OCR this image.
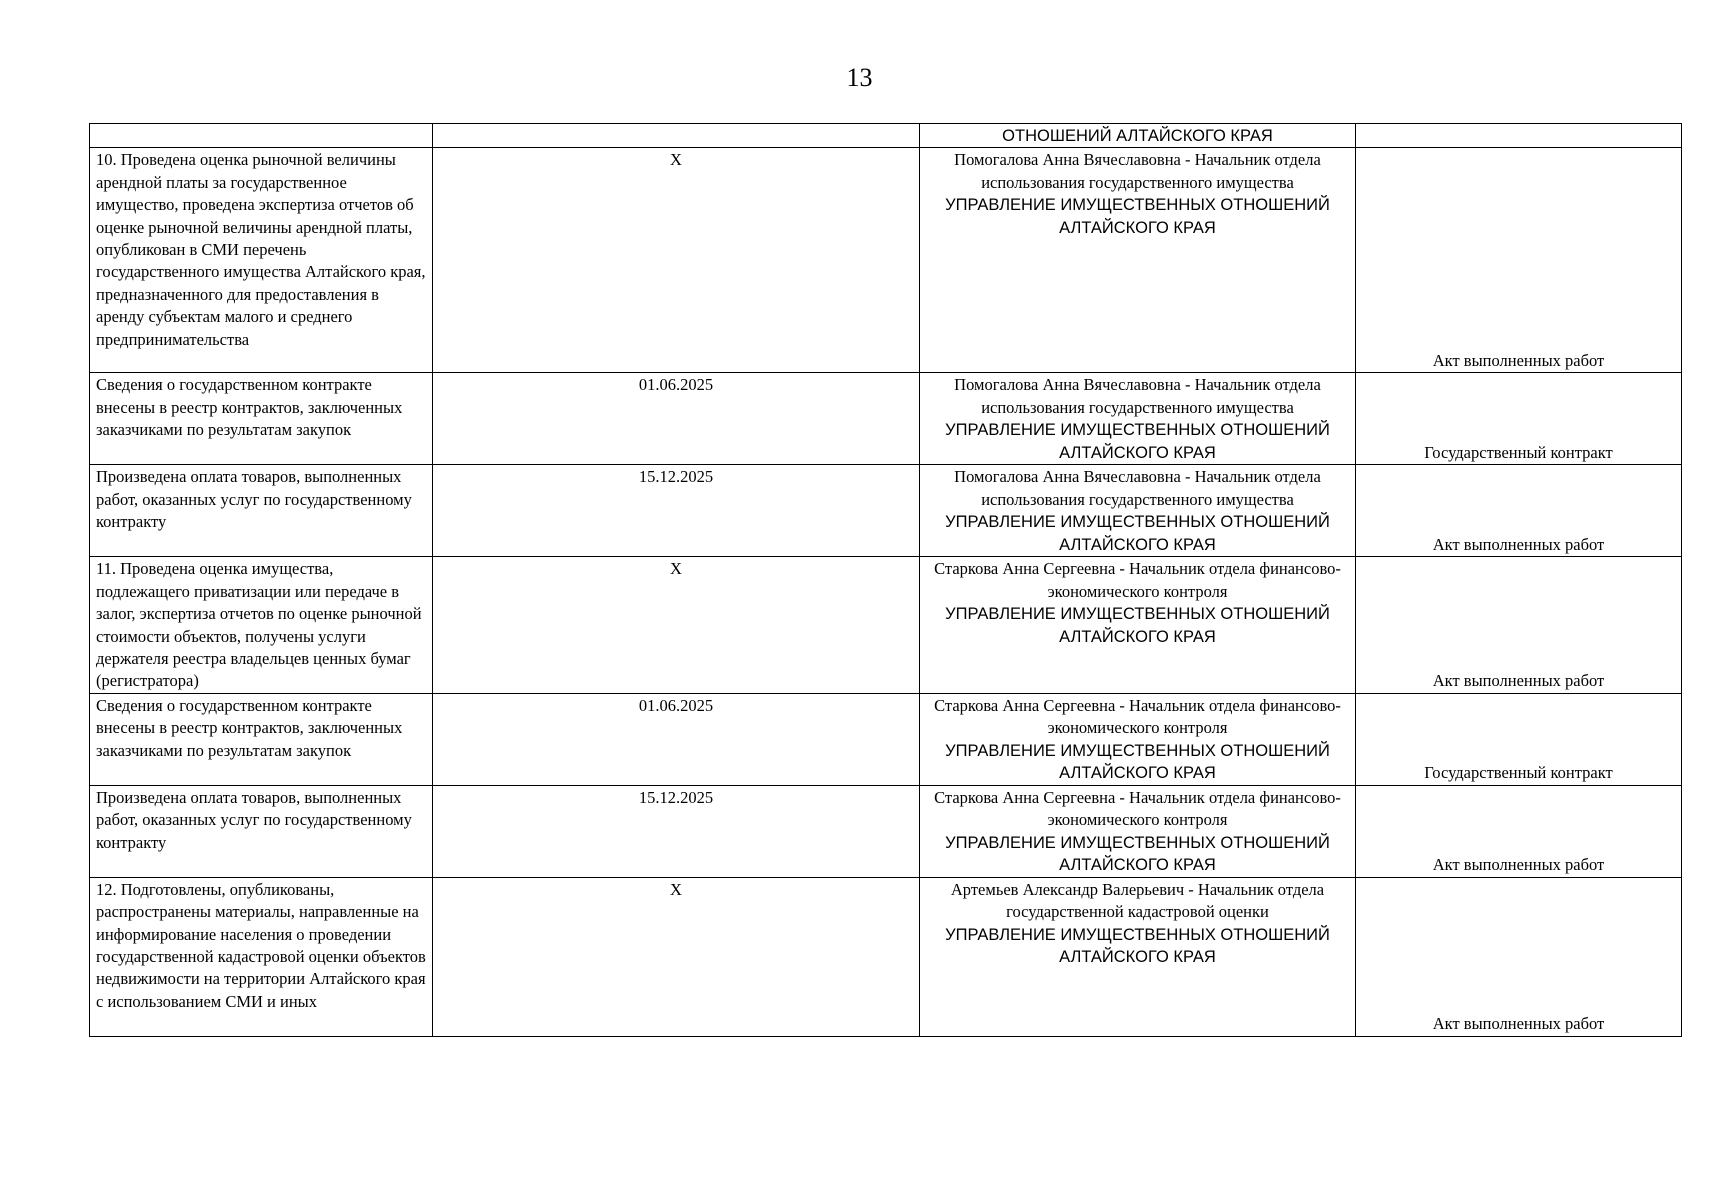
13

		ОТНОШЕНИЙ АЛТАЙСКОГО КРАЯ	

10. Проведена оценка рыночной величины арендной платы за государственное имущество, проведена экспертиза отчетов об оценке рыночной величины арендной платы, опубликован в СМИ перечень государственного имущества Алтайского края, предназначенного для предоставления в аренду субъектам малого и среднего предпринимательства	X	Помогалова Анна Вячеславовна - Начальник отдела использования государственного имущества
УПРАВЛЕНИЕ ИМУЩЕСТВЕННЫХ ОТНОШЕНИЙ АЛТАЙСКОГО КРАЯ	Акт выполненных работ
Сведения о государственном контракте внесены в реестр контрактов, заключенных заказчиками по результатам закупок	01.06.2025	Помогалова Анна Вячеславовна - Начальник отдела использования государственного имущества
УПРАВЛЕНИЕ ИМУЩЕСТВЕННЫХ ОТНОШЕНИЙ АЛТАЙСКОГО КРАЯ	Государственный контракт
Произведена оплата товаров, выполненных работ, оказанных услуг по государственному контракту	15.12.2025	Помогалова Анна Вячеславовна - Начальник отдела использования государственного имущества
УПРАВЛЕНИЕ ИМУЩЕСТВЕННЫХ ОТНОШЕНИЙ АЛТАЙСКОГО КРАЯ	Акт выполненных работ
11. Проведена оценка имущества, подлежащего приватизации или передаче в залог, экспертиза отчетов по оценке рыночной стоимости объектов, получены услуги держателя реестра владельцев ценных бумаг (регистратора)	X	Старкова Анна Сергеевна - Начальник отдела финансово-экономического контроля
УПРАВЛЕНИЕ ИМУЩЕСТВЕННЫХ ОТНОШЕНИЙ АЛТАЙСКОГО КРАЯ	Акт выполненных работ
Сведения о государственном контракте внесены в реестр контрактов, заключенных заказчиками по результатам закупок	01.06.2025	Старкова Анна Сергеевна - Начальник отдела финансово-экономического контроля
УПРАВЛЕНИЕ ИМУЩЕСТВЕННЫХ ОТНОШЕНИЙ АЛТАЙСКОГО КРАЯ	Государственный контракт
Произведена оплата товаров, выполненных работ, оказанных услуг по государственному контракту	15.12.2025	Старкова Анна Сергеевна - Начальник отдела финансово-экономического контроля
УПРАВЛЕНИЕ ИМУЩЕСТВЕННЫХ ОТНОШЕНИЙ АЛТАЙСКОГО КРАЯ	Акт выполненных работ
12. Подготовлены, опубликованы, распространены материалы, направленные на информирование населения о проведении государственной кадастровой оценки объектов недвижимости на территории Алтайского края с использованием СМИ и иных	X	Артемьев Александр Валерьевич - Начальник отдела государственной кадастровой оценки
УПРАВЛЕНИЕ ИМУЩЕСТВЕННЫХ ОТНОШЕНИЙ АЛТАЙСКОГО КРАЯ	Акт выполненных работ
